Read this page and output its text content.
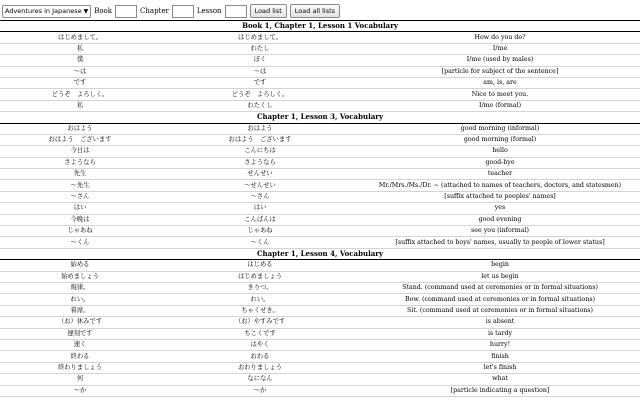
Adventures in Japanese ▼ Book	Chapter	Lesson	Load list	Load all lists
Book 1, Chapter 1, Lesson 1 Vocabulary		
はじめまして。	はじめまして。	How do you do?
私	わたし	I/me
僕	ぼく	I/me (used by males)
～は	～は	[particle for subject of the sentence]
です	です	am, is, are
どうぞ　よろしく。	どうぞ　よろしく。	Nice to meet you.
私	わたくし	I/me (formal)
Chapter 1, Lesson 3, Vocabulary		
おはよう	おはよう	good morning (informal)
おはよう　ございます	おはよう　ございます	good morning (formal)
今日は	こんにちは	hello
さようなら	さようなら	good-bye
先生	せんせい	teacher
～先生	～せんせい	Mr./Mrs./Ms./Dr. ~ (attached to names of teachers, doctors, and statesmen)
～さん	～さん	[suffix attached to peoples' names]
はい	はい	yes
今晩は	こんばんは	good evening
じゃあね	じゃあね	see you (informal)
～くん	～くん	[suffix attached to boys' names, usually to people of lower status]
Chapter 1, Lesson 4, Vocabulary		
始める	はじめる	begin
始めましょう	はじめましょう	let us begin
規律。	きりつ。	Stand. (command used at ceremonies or in formal situations)
れい。	れい。	Bow. (command used at ceremonies or in formal situations)
着席。	ちゃくせき。	Sit. (command used at ceremonies or in formal situations)
（お）休みです	（お）やすみです	is absent
遅刻です	ちこくです	is tardy
速く	はやく	hurry!
終わる	おわる	finish
終わりましょう	おわりましょう	let's finish
何	なになん	what
～か	～か	[particle indicating a question]
